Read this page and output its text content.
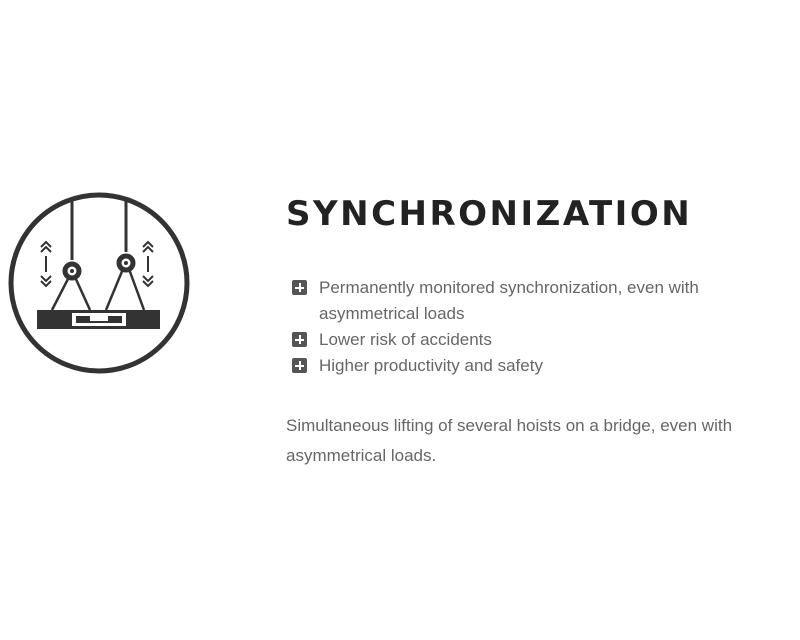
SYNCHRONIZATION
Permanently monitored synchronization, even with asymmetrical loads
Lower risk of accidents
Higher productivity and safety

Simultaneous lifting of several hoists on a bridge, even with asymmetrical loads.
